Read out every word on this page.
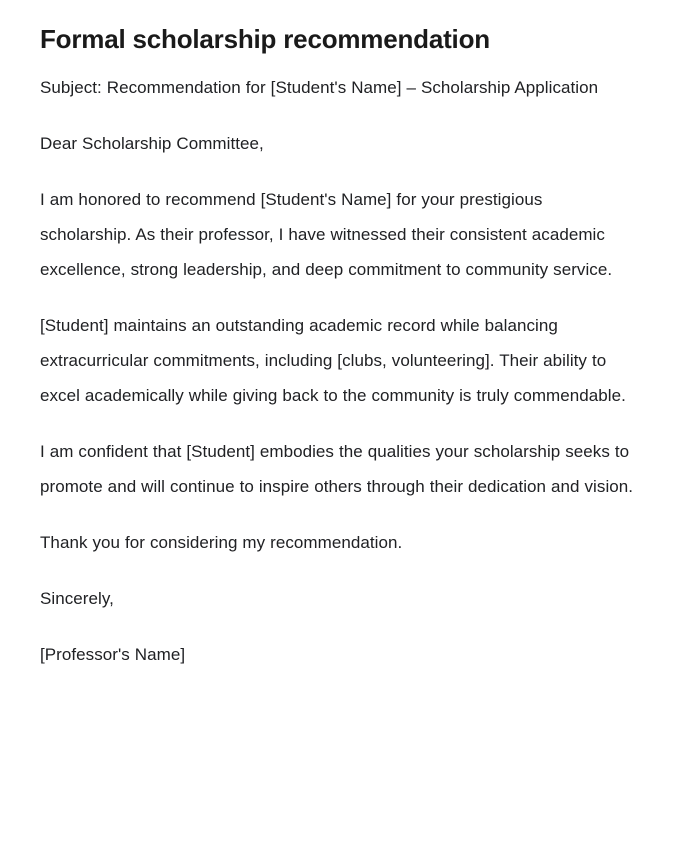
Formal scholarship recommendation

Subject: Recommendation for [Student's Name] – Scholarship Application

Dear Scholarship Committee,

I am honored to recommend [Student's Name] for your prestigious scholarship. As their professor, I have witnessed their consistent academic excellence, strong leadership, and deep commitment to community service.

[Student] maintains an outstanding academic record while balancing extracurricular commitments, including [clubs, volunteering]. Their ability to excel academically while giving back to the community is truly commendable.

I am confident that [Student] embodies the qualities your scholarship seeks to promote and will continue to inspire others through their dedication and vision.

Thank you for considering my recommendation.

Sincerely,

[Professor's Name]
